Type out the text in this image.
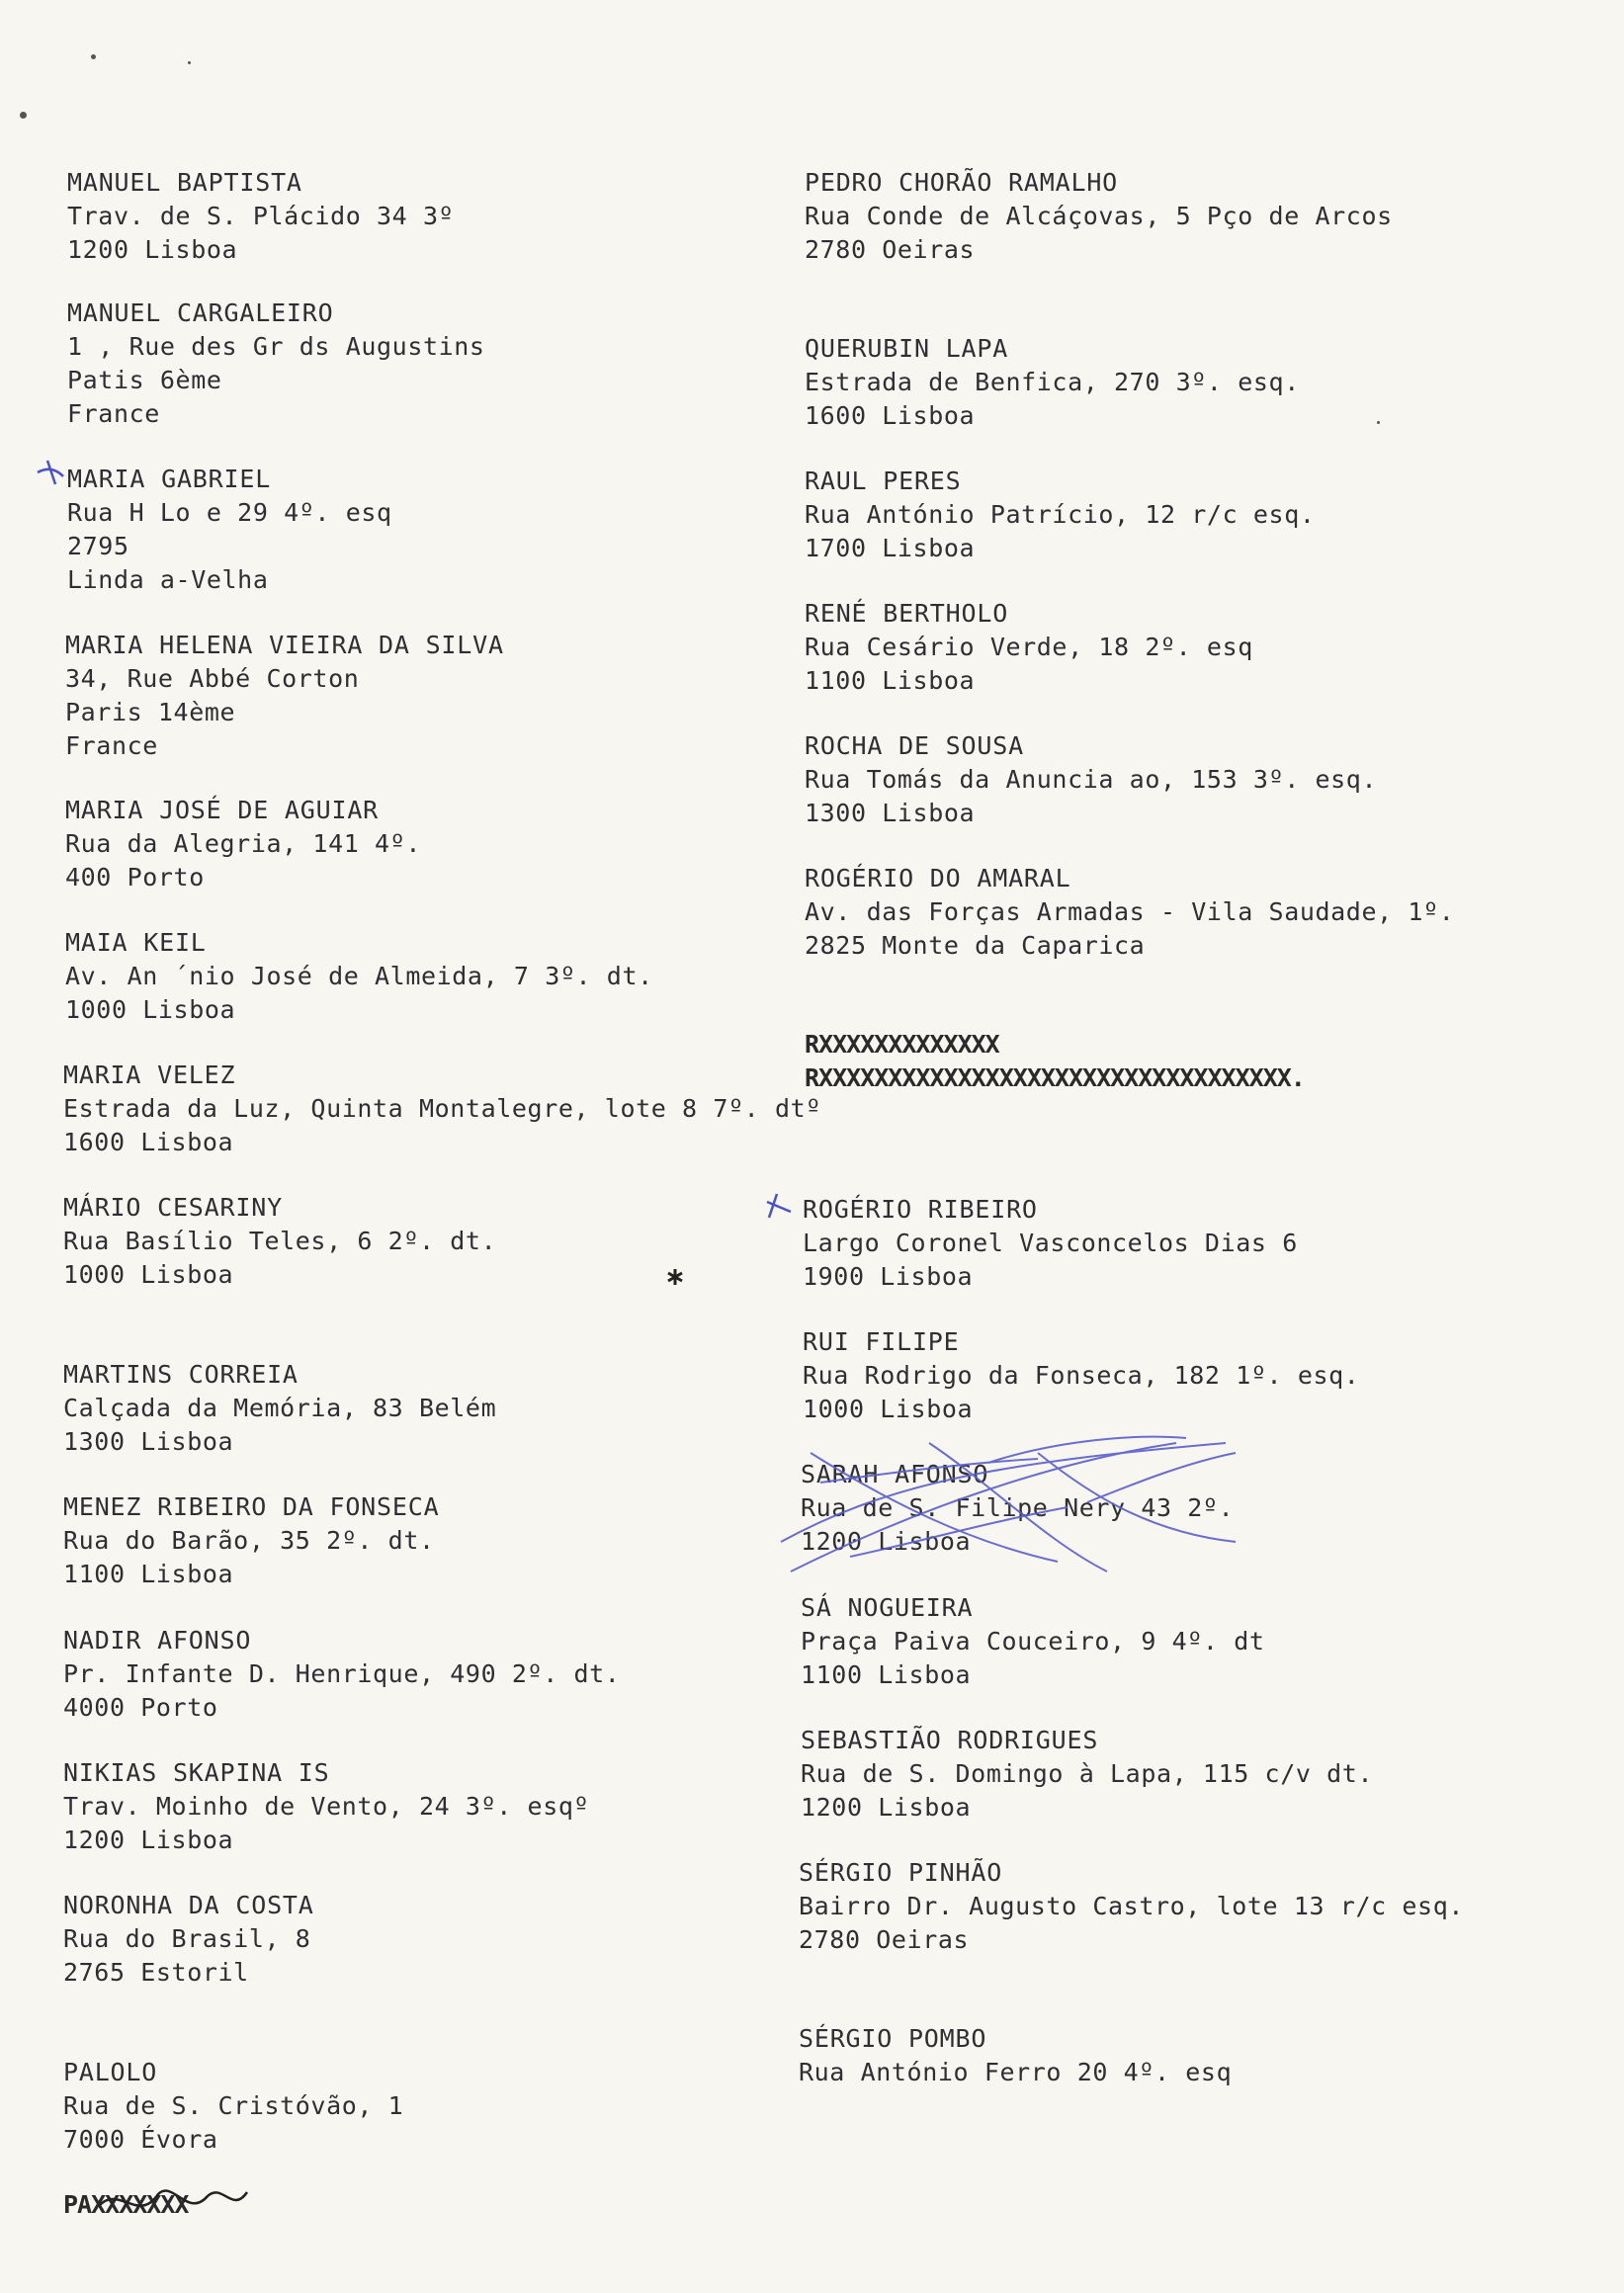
MANUEL BAPTISTA
Trav. de S. Plácido 34 3º
1200 Lisboa
MANUEL CARGALEIRO
1 , Rue des Gr ds Augustins
Patis 6ème
France
MARIA GABRIEL
Rua H Lo e 29 4º. esq
2795
Linda a-Velha
MARIA HELENA VIEIRA DA SILVA
34, Rue Abbé Corton
Paris 14ème
France
MARIA JOSÉ DE AGUIAR
Rua da Alegria, 141 4º.
400 Porto
MAIA KEIL
Av. An ´nio José de Almeida, 7 3º. dt.
1000 Lisboa
MARIA VELEZ
Estrada da Luz, Quinta Montalegre, lote 8 7º. dtº
1600 Lisboa
MÁRIO CESARINY
Rua Basílio Teles, 6 2º. dt.
1000 Lisboa
MARTINS CORREIA
Calçada da Memória, 83 Belém
1300 Lisboa
MENEZ RIBEIRO DA FONSECA
Rua do Barão, 35 2º. dt.
1100 Lisboa
NADIR AFONSO
Pr. Infante D. Henrique, 490 2º. dt.
4000 Porto
NIKIAS SKAPINA IS
Trav. Moinho de Vento, 24 3º. esqº
1200 Lisboa
NORONHA DA COSTA
Rua do Brasil, 8
2765 Estoril
PALOLO
Rua de S. Cristóvão, 1
7000 Évora
PAXXXXXXX
PEDRO CHORÃO RAMALHO
Rua Conde de Alcáçovas, 5 Pço de Arcos
2780 Oeiras
QUERUBIN LAPA
Estrada de Benfica, 270 3º. esq.
1600 Lisboa
RAUL PERES
Rua António Patrício, 12 r/c esq.
1700 Lisboa
RENÉ BERTHOLO
Rua Cesário Verde, 18 2º. esq
1100 Lisboa
ROCHA DE SOUSA
Rua Tomás da Anuncia ao, 153 3º. esq.
1300 Lisboa
ROGÉRIO DO AMARAL
Av. das Forças Armadas - Vila Saudade, 1º.
2825 Monte da Caparica
RXXXXXXXXXXXXX
RXXXXXXXXXXXXXXXXXXXXXXXXXXXXXXXXXX.
ROGÉRIO RIBEIRO
Largo Coronel Vasconcelos Dias 6
1900 Lisboa
RUI FILIPE
Rua Rodrigo da Fonseca, 182 1º. esq.
1000 Lisboa
SARAH AFONSO
Rua de S. Filipe Nery 43 2º.
1200 Lisboa
SÁ NOGUEIRA
Praça Paiva Couceiro, 9 4º. dt
1100 Lisboa
SEBASTIÃO RODRIGUES
Rua de S. Domingo à Lapa, 115 c/v dt.
1200 Lisboa
SÉRGIO PINHÃO
Bairro Dr. Augusto Castro, lote 13 r/c esq.
2780 Oeiras
SÉRGIO POMBO
Rua António Ferro 20 4º. esq
